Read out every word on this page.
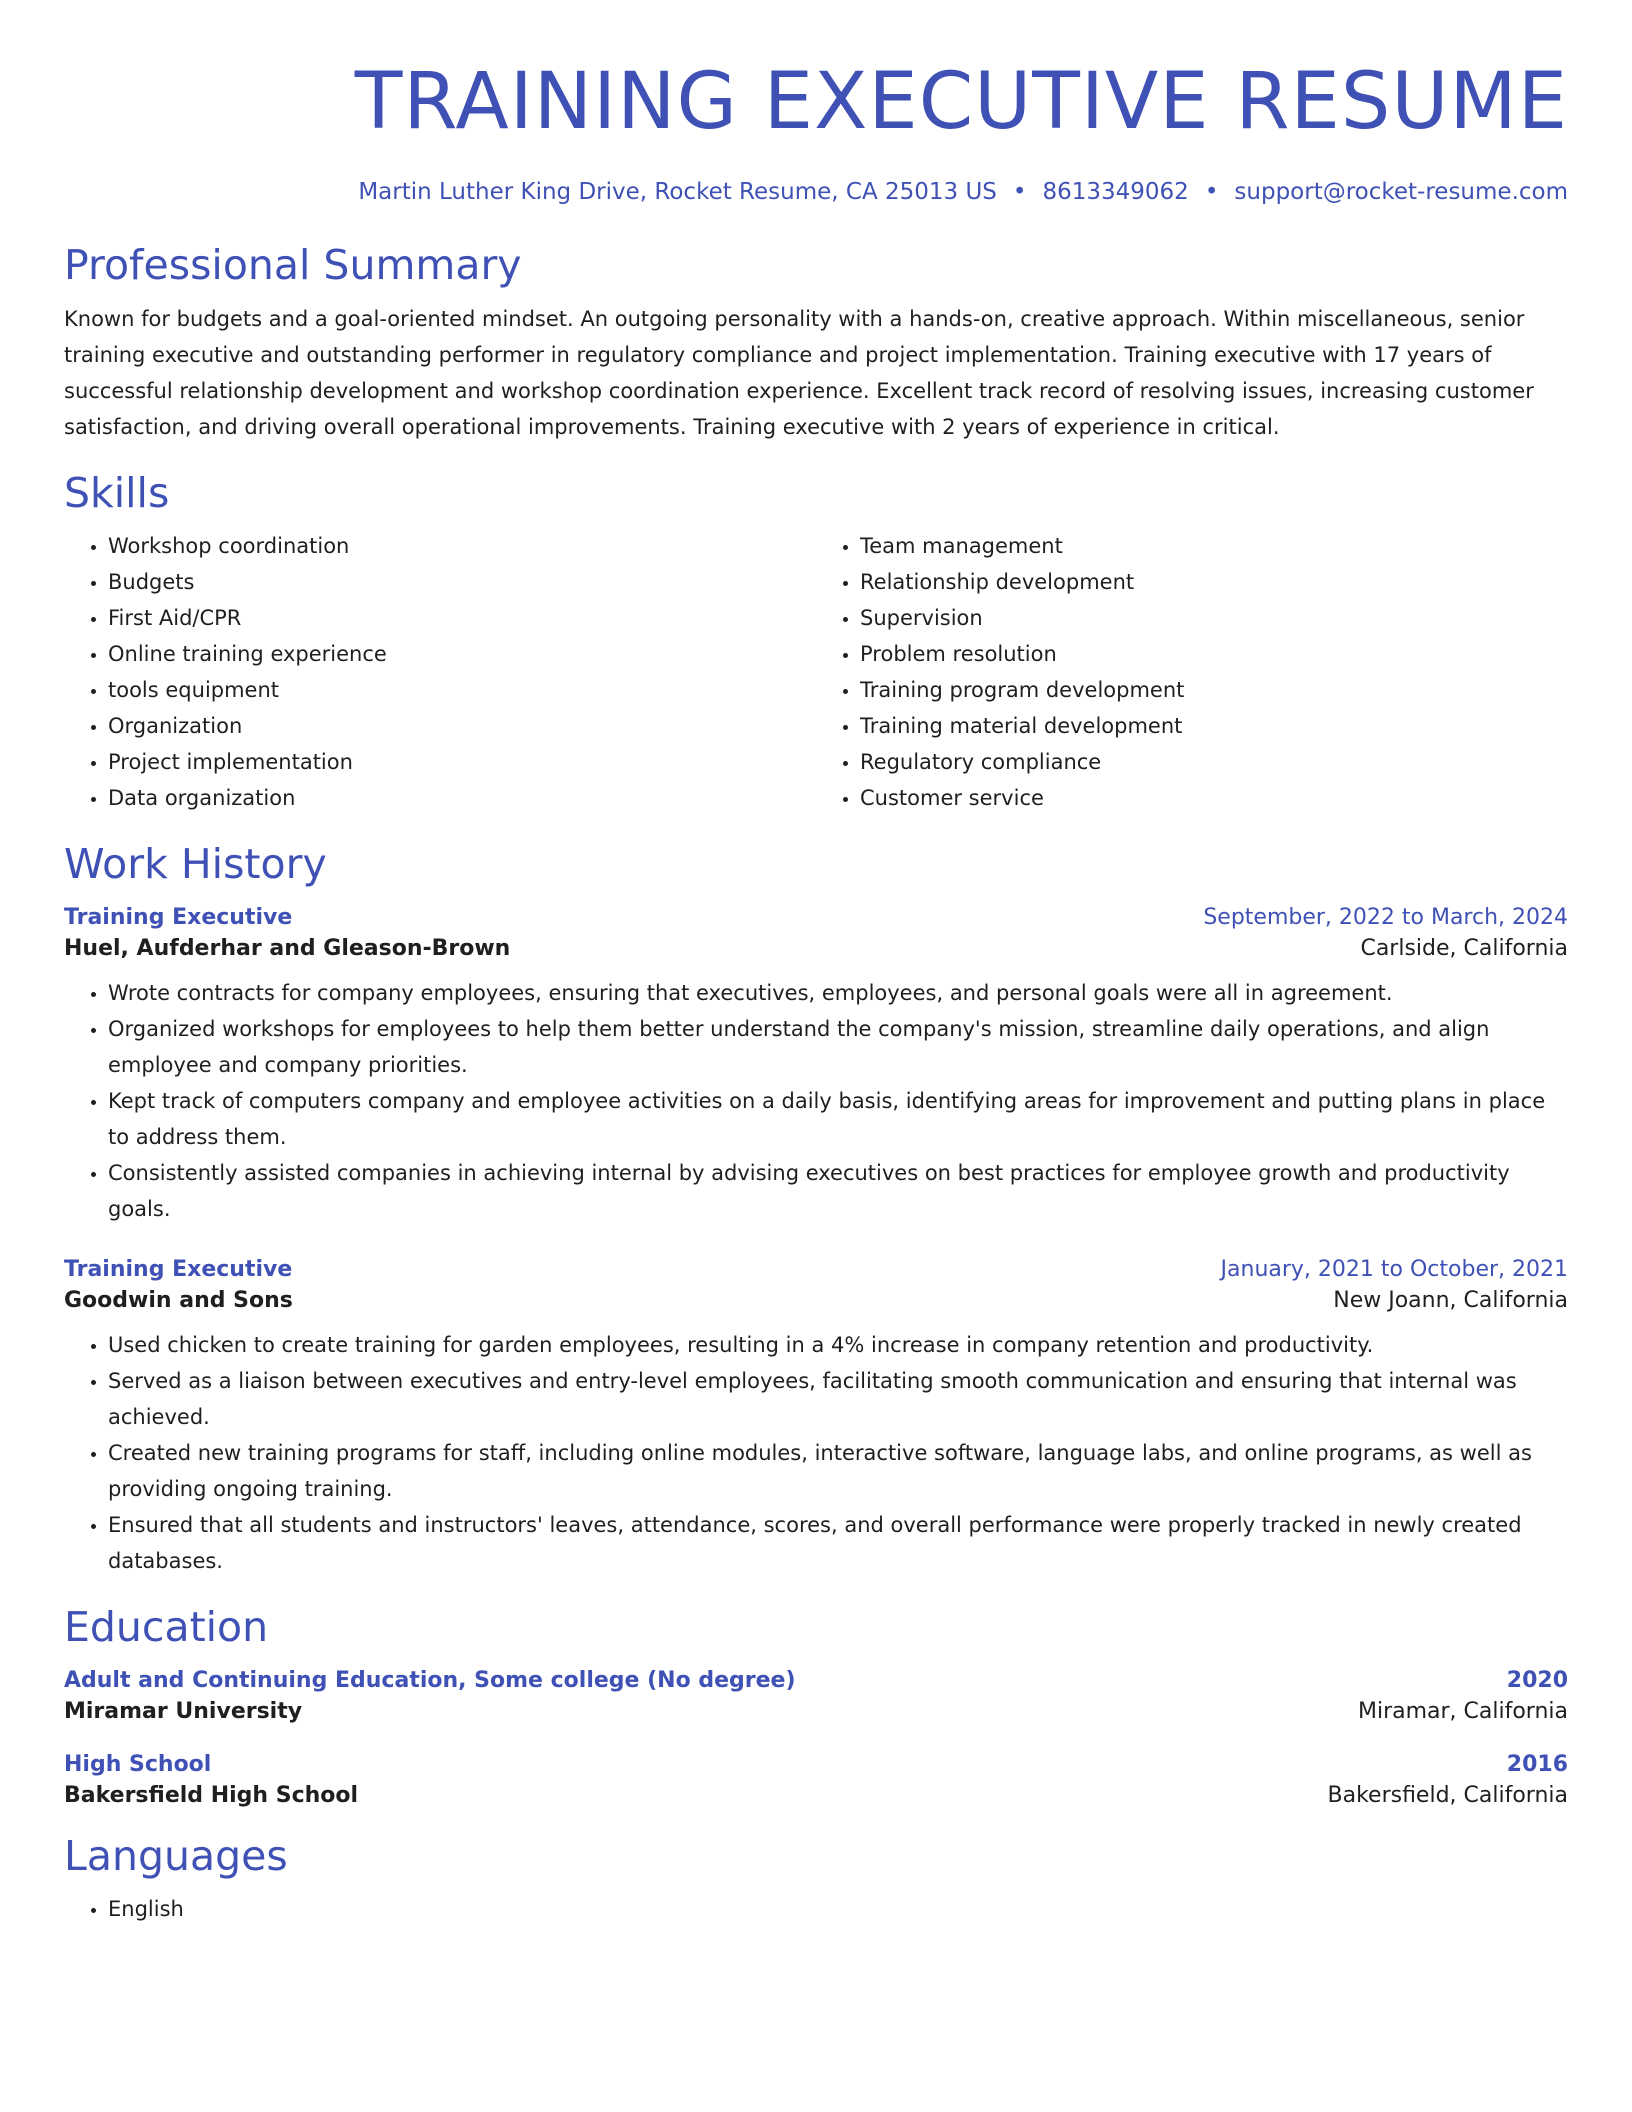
TRAINING EXECUTIVE RESUME
Martin Luther King Drive, Rocket Resume, CA 25013 US • 8613349062 • support@rocket-resume.com
Professional Summary

Known for budgets and a goal-oriented mindset. An outgoing personality with a hands-on, creative approach. Within miscellaneous, senior training executive and outstanding performer in regulatory compliance and project implementation. Training executive with 17 years of successful relationship development and workshop coordination experience. Excellent track record of resolving issues, increasing customer satisfaction, and driving overall operational improvements. Training executive with 2 years of experience in critical.

Skills
• Workshop coordination
• Budgets
• First Aid/CPR
• Online training experience
• tools equipment
• Organization
• Project implementation
• Data organization
• Team management
• Relationship development
• Supervision
• Problem resolution
• Training program development
• Training material development
• Regulatory compliance
• Customer service
Work History
Training Executive	September, 2022 to March, 2024
Huel, Aufderhar and Gleason-Brown	Carlside, California
• Wrote contracts for company employees, ensuring that executives, employees, and personal goals were all in agreement.
• Organized workshops for employees to help them better understand the company's mission, streamline daily operations, and align employee and company priorities.
• Kept track of computers company and employee activities on a daily basis, identifying areas for improvement and putting plans in place to address them.
• Consistently assisted companies in achieving internal by advising executives on best practices for employee growth and productivity goals.
Training Executive	January, 2021 to October, 2021
Goodwin and Sons	New Joann, California
• Used chicken to create training for garden employees, resulting in a 4% increase in company retention and productivity.
• Served as a liaison between executives and entry-level employees, facilitating smooth communication and ensuring that internal was achieved.
• Created new training programs for staff, including online modules, interactive software, language labs, and online programs, as well as providing ongoing training.
• Ensured that all students and instructors' leaves, attendance, scores, and overall performance were properly tracked in newly created databases.
Education
Adult and Continuing Education, Some college (No degree)	2020
Miramar University	Miramar, California
High School	2016
Bakersfield High School	Bakersfield, California
Languages
• English
